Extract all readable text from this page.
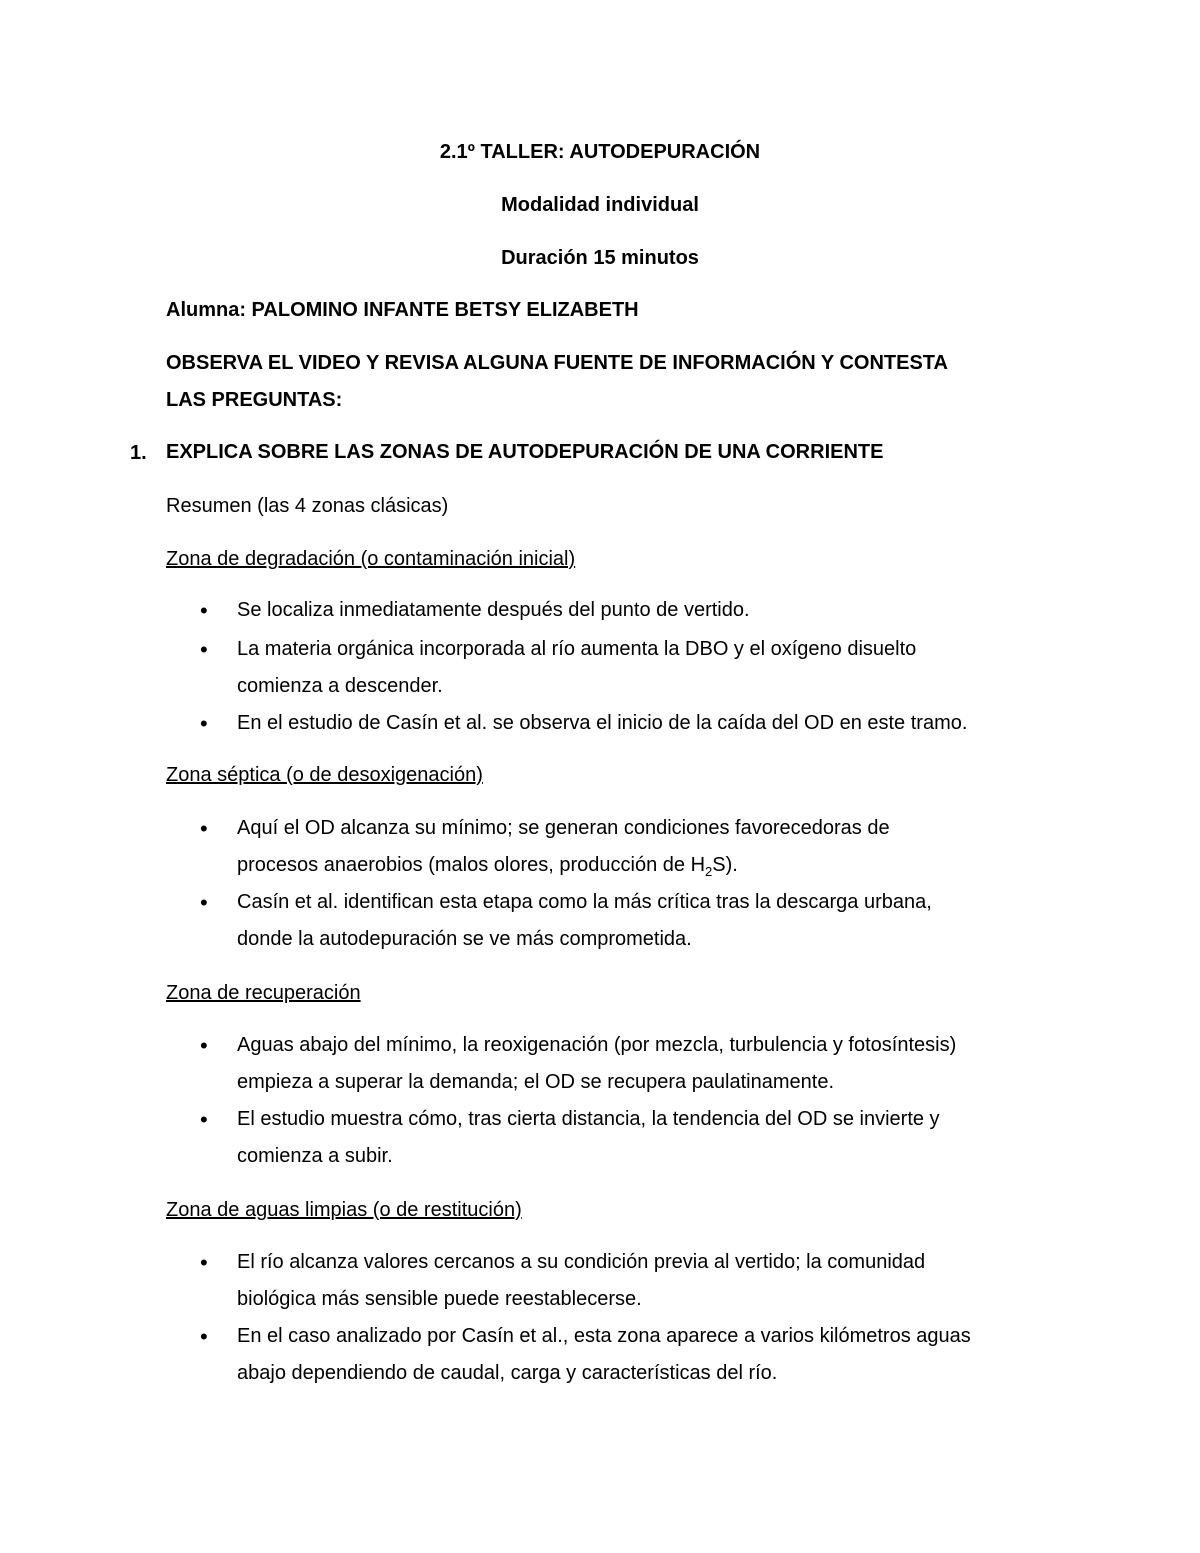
2.1º TALLER: AUTODEPURACIÓN

Modalidad individual

Duración 15 minutos

Alumna: PALOMINO INFANTE BETSY ELIZABETH

OBSERVA EL VIDEO Y REVISA ALGUNA FUENTE DE INFORMACIÓN Y CONTESTA

LAS PREGUNTAS:

1. EXPLICA SOBRE LAS ZONAS DE AUTODEPURACIÓN DE UNA CORRIENTE

Resumen (las 4 zonas clásicas)

Zona de degradación (o contaminación inicial)

• Se localiza inmediatamente después del punto de vertido.

• La materia orgánica incorporada al río aumenta la DBO y el oxígeno disuelto

comienza a descender.

• En el estudio de Casín et al. se observa el inicio de la caída del OD en este tramo.

Zona séptica (o de desoxigenación)

• Aquí el OD alcanza su mínimo; se generan condiciones favorecedoras de

procesos anaerobios (malos olores, producción de $H_2S$).

• Casín et al. identifican esta etapa como la más crítica tras la descarga urbana,

donde la autodepuración se ve más comprometida.

Zona de recuperación

• Aguas abajo del mínimo, la reoxigenación (por mezcla, turbulencia y fotosíntesis)

empieza a superar la demanda; el OD se recupera paulatinamente.

• El estudio muestra cómo, tras cierta distancia, la tendencia del OD se invierte y

comienza a subir.

Zona de aguas limpias (o de restitución)

• El río alcanza valores cercanos a su condición previa al vertido; la comunidad

biológica más sensible puede reestablecerse.

• En el caso analizado por Casín et al., esta zona aparece a varios kilómetros aguas

abajo dependiendo de caudal, carga y características del río.
